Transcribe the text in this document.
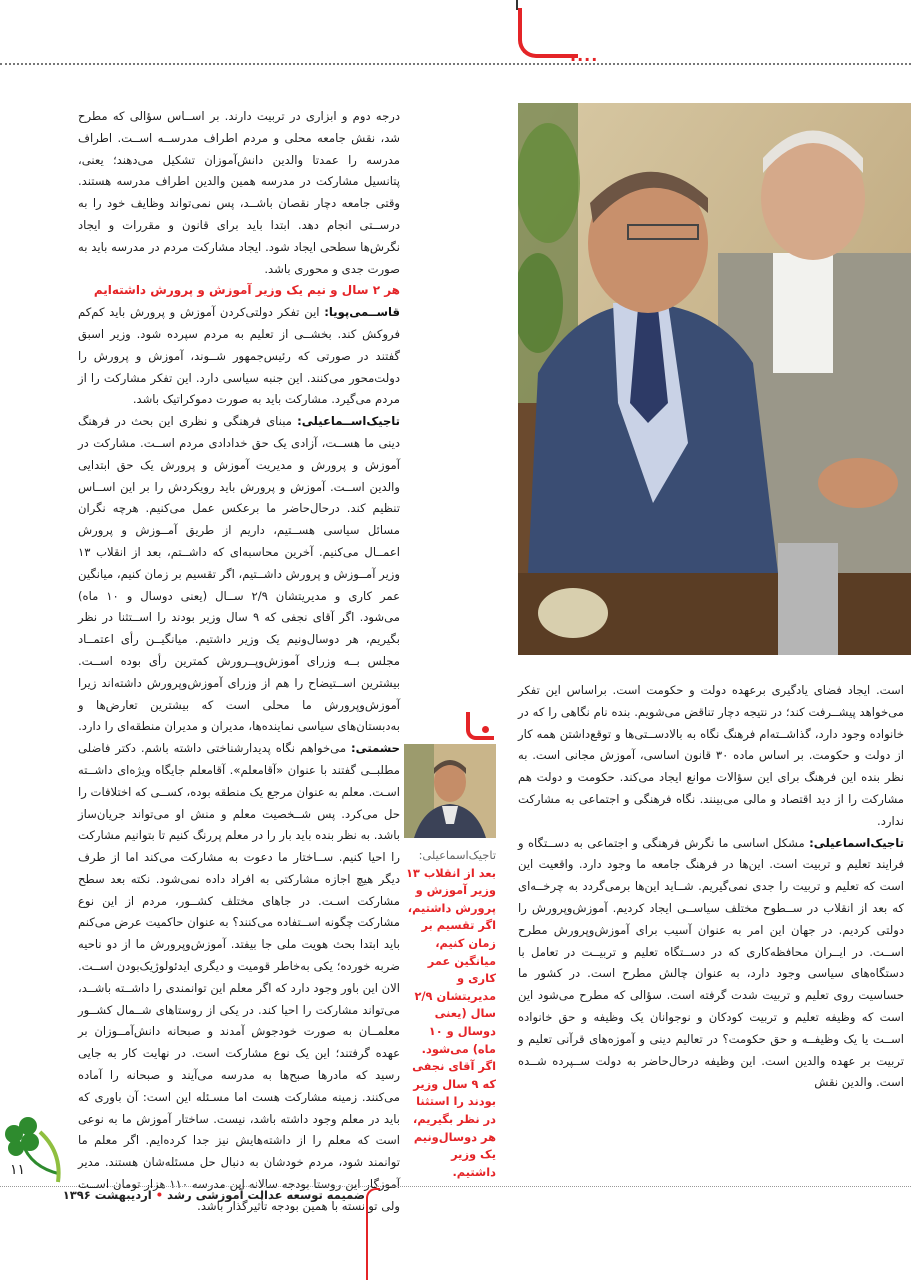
....

درجه دوم و ابزاری در تربیت دارند. بر اســاس سؤالی که مطرح شد، نقش جامعه محلی و مردم اطراف مدرســه اســت. اطراف مدرسه را عمدتا والدین دانش‌آموزان تشکیل می‌دهند؛ یعنی، پتانسیل مشارکت در مدرسه همین والدین اطراف مدرسه هستند. وقتی جامعه دچار نقصان باشــد، پس نمی‌تواند وظایف خود را به درســتی انجام دهد. ابتدا باید برای قانون و مقررات و ایجاد نگرش‌ها سطحی ایجاد شود. ایجاد مشارکت مردم در مدرسه باید به صورت جدی و محوری باشد.

هر ۲ سال و نیم یک وزیر آموزش و پرورش داشته‌ایم

قاســمی‌پویا: این تفکر دولتی‌کردن آموزش و پرورش باید کم‌کم فروکش کند. بخشــی از تعلیم به مردم سپرده شود. وزیر اسبق گفتند در صورتی که رئیس‌جمهور شــوند، آموزش و پرورش را دولت‌محور می‌کنند. این جنبه سیاسی دارد. این تفکر مشارکت را از مردم می‌گیرد. مشارکت باید به صورت دموکراتیک باشد.

تاجیک‌اســماعیلی: مبنای فرهنگی و نظری این بحث در فرهنگ دینی ما هســت، آزادی یک حق خدادادی مردم اســت. مشارکت در آموزش و پرورش و مدیریت آموزش و پرورش یک حق ابتدایی والدین اســت. آموزش و پرورش باید رویکردش را بر این اســاس تنظیم کند. درحال‌حاضر ما برعکس عمل می‌کنیم. هرچه نگران مسائل سیاسی هســتیم، داریم از طریق آمــوزش و پرورش اعمــال می‌کنیم. آخرین محاسبه‌ای که داشــتم، بعد از انقلاب ۱۳ وزیر آمــوزش و پرورش داشــتیم، اگر تقسیم بر زمان کنیم، میانگین عمر کاری و مدیریتشان ۲/۹ ســال (یعنی دوسال و ۱۰ ماه) می‌شود. اگر آقای نجفی که ۹ سال وزیر بودند را اســتثنا در نظر بگیریم، هر دوسال‌ونیم یک وزیر داشتیم. میانگیــن رأی اعتمــاد مجلس بــه وزرای آموزش‌وپــرورش کمترین رأی بوده اســت. بیشترین اســتیضاح را هم از وزرای آموزش‌وپرورش داشته‌اند زیرا آموزش‌وپرورش ما محلی است که بیشترین تعارض‌ها و به‌دبستان‌های سیاسی نماینده‌ها، مدیران و مدیران منطقه‌ای را دارد.

حشمتی: می‌خواهم نگاه پدیدارشناختی داشته باشم. دکتر فاضلی مطلبــی گفتند با عنوان «آقامعلم». آقامعلم جایگاه ویژه‌ای داشــته اسـت. معلم به عنوان مرجع یک منطقه بوده، کســی که اختلافات را حل می‌کرد. پس شــخصیت معلم و منش او می‌تواند جریان‌ساز باشد. به نظر بنده باید بار را در معلم پررنگ کنیم تا بتوانیم مشارکت را احیا کنیم. ســاختار ما دعوت به مشارکت می‌کند اما از طرف دیگر هیچ اجازه مشارکتی به افراد داده نمی‌شود. نکته بعد سطح مشارکت اسـت. در جاهای مختلف کشــور، مردم از این نوع مشارکت چگونه اســتفاده می‌کنند؟ به عنوان حاکمیت عرض می‌کنم باید ابتدا بحث هویت ملی جا بیفتد. آموزش‌وپرورش ما از دو ناحیه ضربه خورده؛ یکی به‌خاطر قومیت و دیگری ایدئولوژیک‌بودن اســت. الان این باور وجود دارد که اگر معلم این توانمندی را داشــته باشــد، می‌تواند مشارکت را احیا کند. در یکی از روستاهای شــمال کشــور معلمــان به صورت خودجوش آمدند و صبحانه دانش‌آمــوزان بر عهده گرفتند؛ این یک نوع مشارکت است. در نهایت کار به جایی رسید که مادرها صبح‌ها به مدرسه می‌آیند و صبحانه را آماده می‌کنند. زمینه مشارکت هست اما مسـئله این است: آن باوری که باید در معلم وجود داشته باشد، نیست. ساختار آموزش ما به نوعی است که معلم را از داشته‌هایش نیز جدا کرده‌ایم. اگر معلم ما توانمند شود، مردم خودشان به دنبال حل مسئله‌شان هستند. مدیر آموزگار این روستا بودجه سالانه این مدرسه ۱۱۰ هزار تومان اســت ولی توانسته با همین بودجه تأثیرگذار باشد.

است. ایجاد فضای یادگیری برعهده دولت و حکومت است. براساس این تفکر می‌خواهد پیشــرفت کند؛ در نتیجه دچار تناقض می‌شویم. بنده نام نگاهی را که در خانواده وجود دارد، گذاشــته‌ام فرهنگ نگاه به بالادســتی‌ها و توقع‌داشتن همه کار از دولت و حکومت. بر اساس ماده ۳۰ قانون اساسی، آموزش مجانی است. به نظر بنده این فرهنگ برای این سؤالات موانع ایجاد می‌کند. حکومت و دولت هم مشارکت را از دید اقتصاد و مالی می‌بینند. نگاه فرهنگی و اجتماعی به مشارکت ندارد.

تاجیک‌اسماعیلی: مشکل اساسی ما نگرش فرهنگی و اجتماعی به دســتگاه و فرایند تعلیم و تربیت است. این‌ها در فرهنگ جامعه ما وجود دارد. واقعیت این است که تعلیم و تربیت را جدی نمی‌گیریم. شــاید این‌ها برمی‌گردد به چرخــه‌ای که بعد از انقلاب در ســطوح مختلف سیاســی ایجاد کردیم. آموزش‌وپرورش را دولتی کردیم. در جهان این امر به عنوان آسیب برای آموزش‌وپرورش مطرح اســت. در ایــران محافظه‌کاری که در دســتگاه تعلیم و تربیــت در تعامل با دستگاه‌های سیاسی وجود دارد، به عنوان چالش مطرح است. در کشور ما حساسیت روی تعلیم و تربیت شدت گرفته است. سؤالی که مطرح می‌شود این است که وظیفه تعلیم و تربیت کودکان و نوجوانان یک وظیفه و حق خانواده اســت یا یک وظیفــه و حق حکومت؟ در تعالیم دینی و آموزه‌های قرآنی تعلیم و تربیت بر عهده والدین است. این وظیفه درحال‌حاضر به دولت ســپرده شــده است. والدین نقش

تاجیک‌اسماعیلی:
بعد از انقلاب ۱۳ وزیر آموزش و پرورش داشتیم، اگر تقسیم بر زمان کنیم، میانگین عمر کاری و مدیریتشان ۲/۹ سال (یعنی دوسال و ۱۰ ماه) می‌شود. اگر آقای نجفی که ۹ سال وزیر بودند را استثنا در نظر بگیریم، هر دوسال‌ونیم یک وزیر داشتیم.
۱۱
ضمیمه توسعه عدالت آموزشی رشد • اردیبهشت ۱۳۹۶
